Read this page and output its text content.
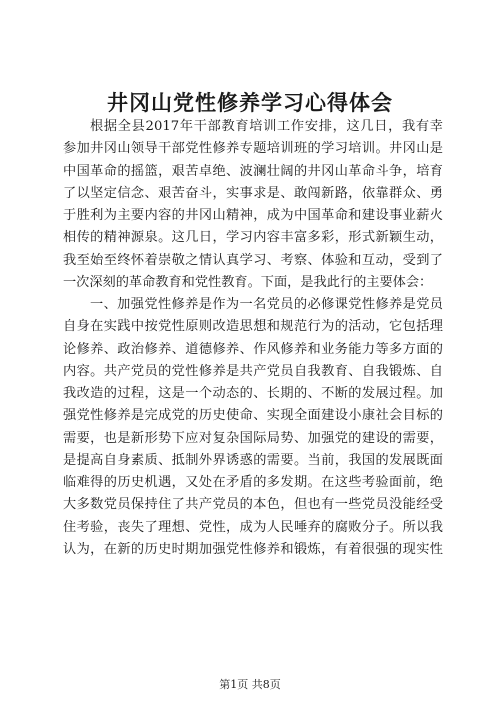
井冈山党性修养学习心得体会
根据全县2017年干部教育培训工作安排，这几日，我有幸
参加井冈山领导干部党性修养专题培训班的学习培训。井冈山是
中国革命的摇篮，艰苦卓绝、波澜壮阔的井冈山革命斗争，培育
了以坚定信念、艰苦奋斗，实事求是、敢闯新路，依靠群众、勇
于胜利为主要内容的井冈山精神，成为中国革命和建设事业薪火
相传的精神源泉。这几日，学习内容丰富多彩，形式新颖生动，
我至始至终怀着崇敬之情认真学习、考察、体验和互动，受到了
一次深刻的革命教育和党性教育。下面，是我此行的主要体会：
一、加强党性修养是作为一名党员的必修课党性修养是党员
自身在实践中按党性原则改造思想和规范行为的活动，它包括理
论修养、政治修养、道德修养、作风修养和业务能力等多方面的
内容。共产党员的党性修养是共产党员自我教育、自我锻炼、自
我改造的过程，这是一个动态的、长期的、不断的发展过程。加
强党性修养是完成党的历史使命、实现全面建设小康社会目标的
需要，也是新形势下应对复杂国际局势、加强党的建设的需要，
是提高自身素质、抵制外界诱惑的需要。当前，我国的发展既面
临难得的历史机遇，又处在矛盾的多发期。在这些考验面前，绝
大多数党员保持住了共产党员的本色，但也有一些党员没能经受
住考验，丧失了理想、党性，成为人民唾弃的腐败分子。所以我
认为，在新的历史时期加强党性修养和锻炼，有着很强的现实性
第1页 共8页
